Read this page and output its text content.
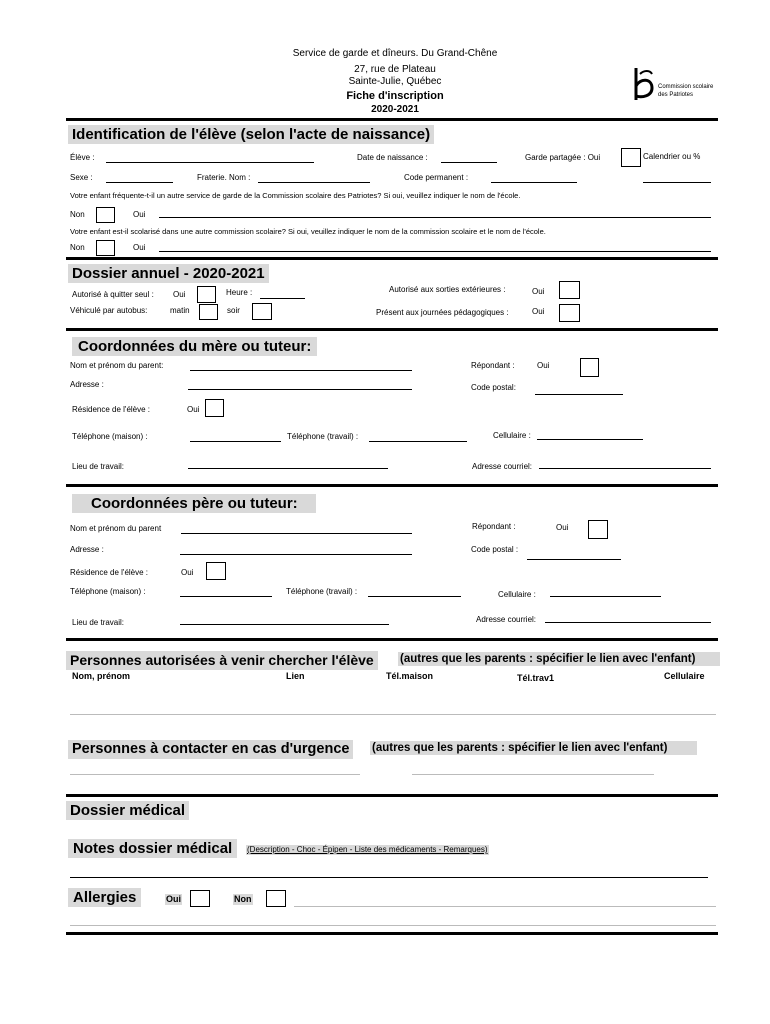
Service de garde et dîneurs. Du Grand-Chêne
27, rue de Plateau
Sainte-Julie, Québec
Fiche d'inscription
2020-2021
Commission scolaire
des Patriotes
Identification de l'élève (selon l'acte de naissance)
Élève :	Date de naissance :	Garde partagée : Oui	Calendrier ou %
Sexe :	Fraterie. Nom :	Code permanent :
Votre enfant fréquente-t-il un autre service de garde de la Commission scolaire des Patriotes? Si oui, veuillez indiquer le nom de l'école.
Non	Oui
Votre enfant est-il scolarisé dans une autre commission scolaire? Si oui, veuillez indiquer le nom de la commission scolaire et le nom de l'école.
Non	Oui
Dossier annuel - 2020-2021
Autorisé à quitter seul : Oui	Heure :
Véhiculé par autobus:	matin	soir
Autorisé aux sorties extérieures :	Oui
Présent aux journées pédagogiques :	Oui
Coordonnées du mère ou tuteur:
Nom et prénom du parent:	Répondant :	Oui
Adresse :	Code postal:
Résidence de l'élève :	Oui
Téléphone (maison) :	Téléphone (travail) :	Cellulaire :
Lieu de travail:	Adresse courriel:
Coordonnées père ou tuteur:
Nom et prénom du parent	Répondant :	Oui
Adresse :	Code postal :
Résidence de l'élève :	Oui
Téléphone (maison) :	Téléphone (travail) :	Cellulaire :
Lieu de travail:	Adresse courriel:
Personnes autorisées à venir chercher l'élève	(autres que les parents : spécifier le lien avec l'enfant)
Nom, prénom	Lien	Tél.maison	Tél.trav1	Cellulaire
Personnes à contacter en cas d'urgence	(autres que les parents : spécifier le lien avec l'enfant)
Dossier médical
Notes dossier médical	(Description - Choc - Épipen - Liste des médicaments - Remarques)
Allergies	Oui	Non
